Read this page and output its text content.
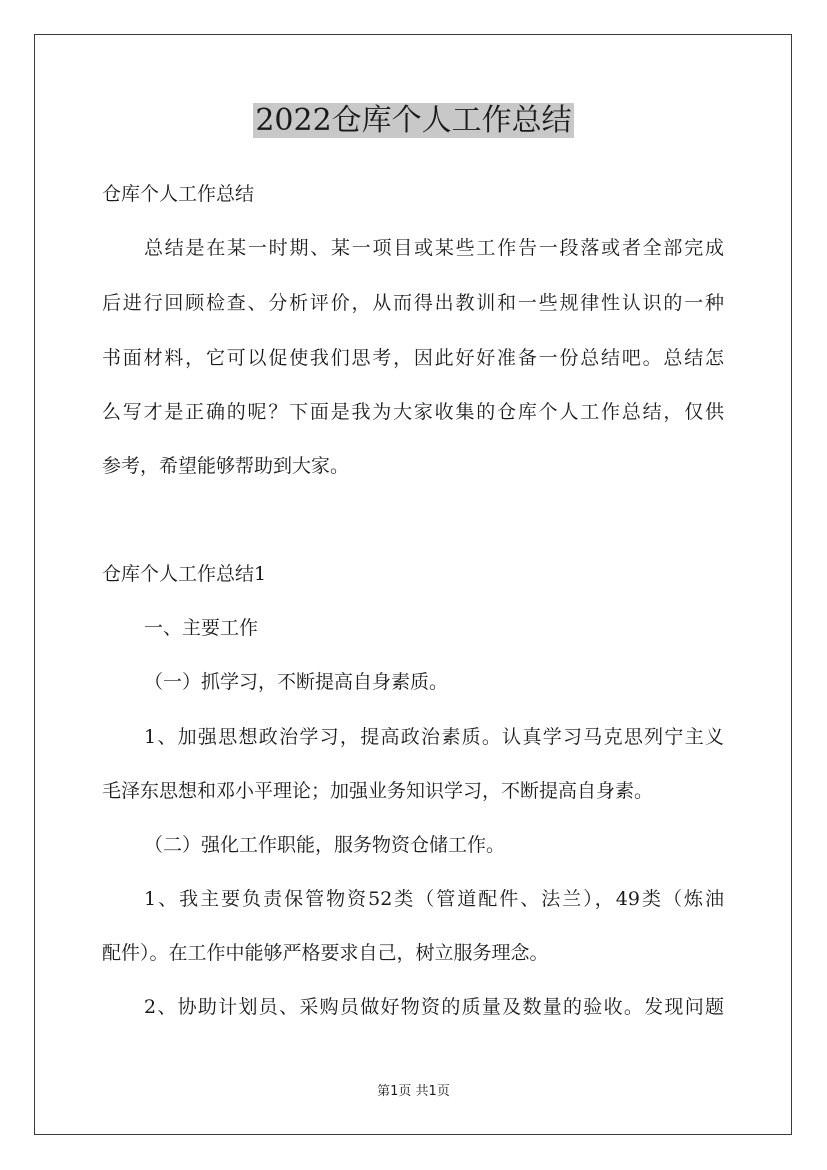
2022仓库个人工作总结
仓库个人工作总结
总结是在某一时期、某一项目或某些工作告一段落或者全部完成
后进行回顾检查、分析评价，从而得出教训和一些规律性认识的一种
书面材料，它可以促使我们思考，因此好好准备一份总结吧。总结怎
么写才是正确的呢？下面是我为大家收集的仓库个人工作总结，仅供
参考，希望能够帮助到大家。
仓库个人工作总结1
一、主要工作
（一）抓学习，不断提高自身素质。
1、加强思想政治学习，提高政治素质。认真学习马克思列宁主义
毛泽东思想和邓小平理论；加强业务知识学习，不断提高自身素。
（二）强化工作职能，服务物资仓储工作。
1、我主要负责保管物资52类（管道配件、法兰），49类（炼油
配件）。在工作中能够严格要求自己，树立服务理念。
2、协助计划员、采购员做好物资的质量及数量的验收。发现问题
第1页 共1页
